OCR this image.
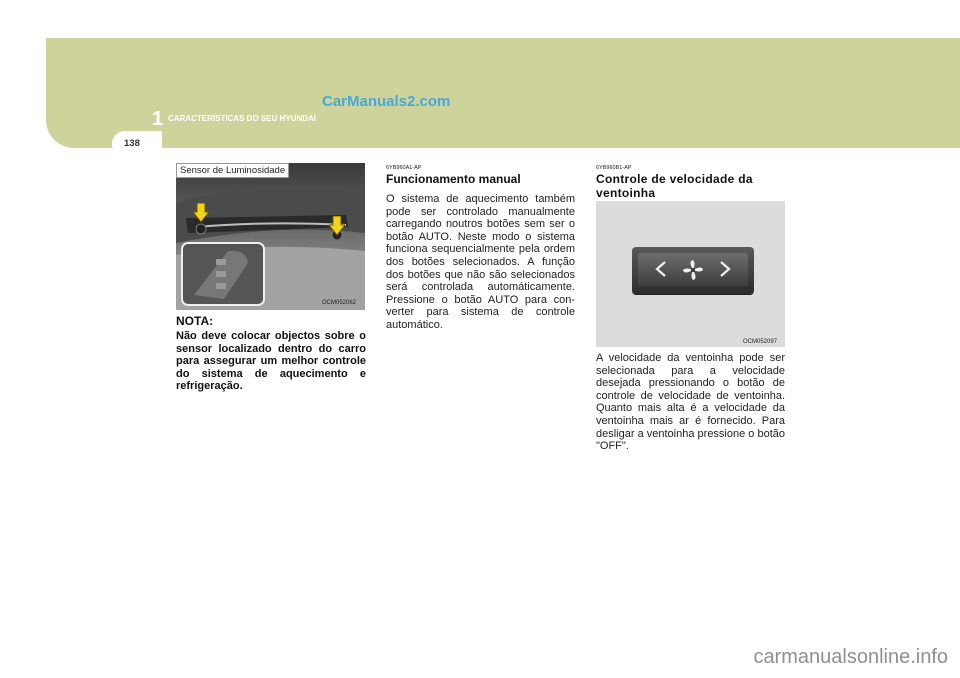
1 CARACTERÍSTICAS DO SEU HYUNDAI
CarManuals2.com
138
Sensor de Luminosidade
OCM052062
NOTA:
Não deve colocar objectos sobre o sensor localizado dentro do carro para assegurar um melhor controle do sistema de aquecimento e refrigeração.
6YB960A1-AP
Funcionamento manual
O sistema de aquecimento também pode ser controlado manualmente carregando noutros botões sem ser o botão AUTO. Neste modo o sistema funciona sequencialmente pela ordem dos botões selecionados. A função dos botões que não são selecionados será controlada automáticamente. Pressione o botão AUTO para con- verter para sistema de controle automático.
6YB960B1-AP
Controle de velocidade da ventoinha
OCM052097
A velocidade da ventoinha pode ser selecionada para a velocidade desejada pressionando o botão de controle de velocidade de ventoinha. Quanto mais alta é a velocidade da ventoinha mais ar é fornecido. Para desligar a ventoinha pressione o botão "OFF".
carmanualsonline.info
